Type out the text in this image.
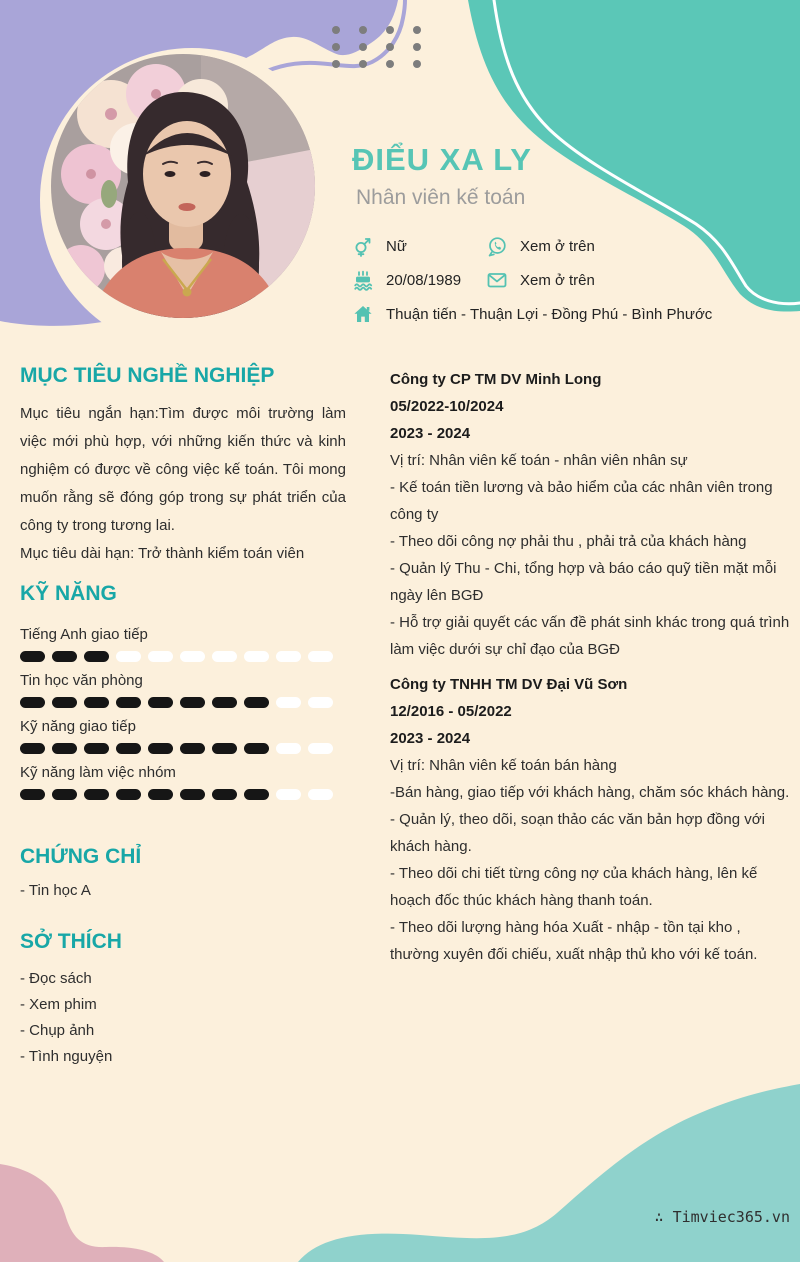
ĐIỂU XA LY
Nhân viên kế toán
Nữ	Xem ở trên
20/08/1989	Xem ở trên
Thuận tiến - Thuận Lợi - Đồng Phú - Bình Phước
MỤC TIÊU NGHỀ NGHIỆP

Mục tiêu ngắn hạn:Tìm được môi trường làm việc mới phù hợp, với những kiến thức và kinh nghiệm có được về công việc kế toán. Tôi mong muốn rằng sẽ đóng góp trong sự phát triển của công ty trong tương lai.

Mục tiêu dài hạn: Trở thành kiểm toán viên

KỸ NĂNG
Tiếng Anh giao tiếp
Tin học văn phòng
Kỹ năng giao tiếp
Kỹ năng làm việc nhóm
CHỨNG CHỈ
- Tin học A
SỞ THÍCH
- Đọc sách
- Xem phim
- Chụp ảnh
- Tình nguyện
Công ty CP TM DV Minh Long
05/2022-10/2024
2023 - 2024
Vị trí: Nhân viên kế toán - nhân viên nhân sự
- Kế toán tiền lương và bảo hiểm của các nhân viên trong công ty
- Theo dõi công nợ phải thu , phải trả của khách hàng
- Quản lý Thu - Chi, tổng hợp và báo cáo quỹ tiền mặt mỗi ngày lên BGĐ
- Hỗ trợ giải quyết các vấn đề phát sinh khác trong quá trình làm việc dưới sự chỉ đạo của BGĐ
Công ty TNHH TM DV Đại Vũ Sơn
12/2016 - 05/2022
2023 - 2024
Vị trí: Nhân viên kế toán bán hàng
-Bán hàng, giao tiếp với khách hàng, chăm sóc khách hàng.
- Quản lý, theo dõi, soạn thảo các văn bản hợp đồng với khách hàng.
- Theo dõi chi tiết từng công nợ của khách hàng, lên kế hoạch đốc thúc khách hàng thanh toán.
- Theo dõi lượng hàng hóa Xuất - nhập - tồn tại kho , thường xuyên đối chiếu, xuất nhập thủ kho với kế toán.
∴ Timviec365.vn
